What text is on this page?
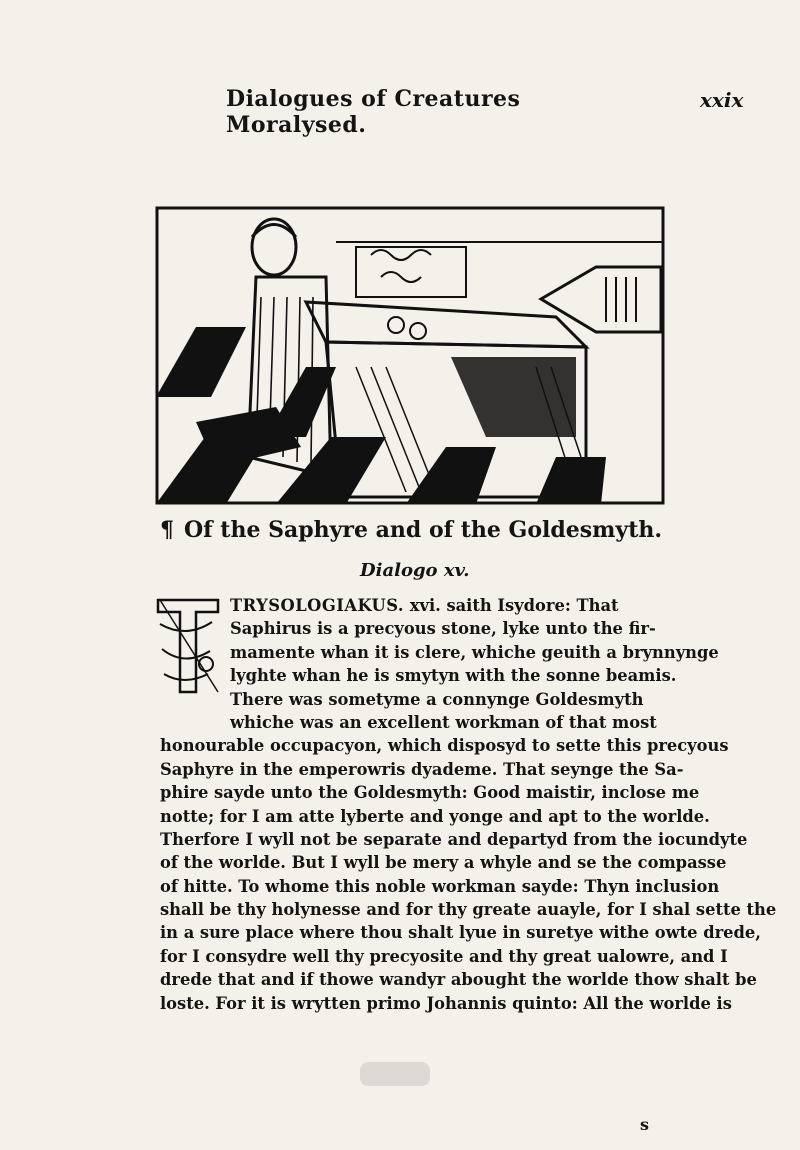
Dialogues of Creatures Moralysed.
xxix
¶ Of the Saphyre and of the Goldesmyth.
Dialogo xv.
TRYSOLOGIAKUS. xvi. saith Isydore: That
Saphirus is a precyous stone, lyke unto the fir-
mamente whan it is clere, whiche geuith a brynnynge
lyghte whan he is smytyn with the sonne beamis.
There was sometyme a connynge Goldesmyth
whiche was an excellent workman of that most
honourable occupacyon, which disposyd to sette this precyous
Saphyre in the emperowris dyademe. That seynge the Sa-
phire sayde unto the Goldesmyth: Good maistir, inclose me
notte; for I am atte lyberte and yonge and apt to the worlde.
Therfore I wyll not be separate and departyd from the iocundyte
of the worlde. But I wyll be mery a whyle and se the compasse
of hitte. To whome this noble workman sayde: Thyn inclusion
shall be thy holynesse and for thy greate auayle, for I shal sette the
in a sure place where thou shalt lyue in suretye withe owte drede,
for I consydre well thy precyosite and thy great ualowre, and I
drede that and if thowe wandyr abought the worlde thow shalt be
loste. For it is wrytten primo Johannis quinto: All the worlde is
s
